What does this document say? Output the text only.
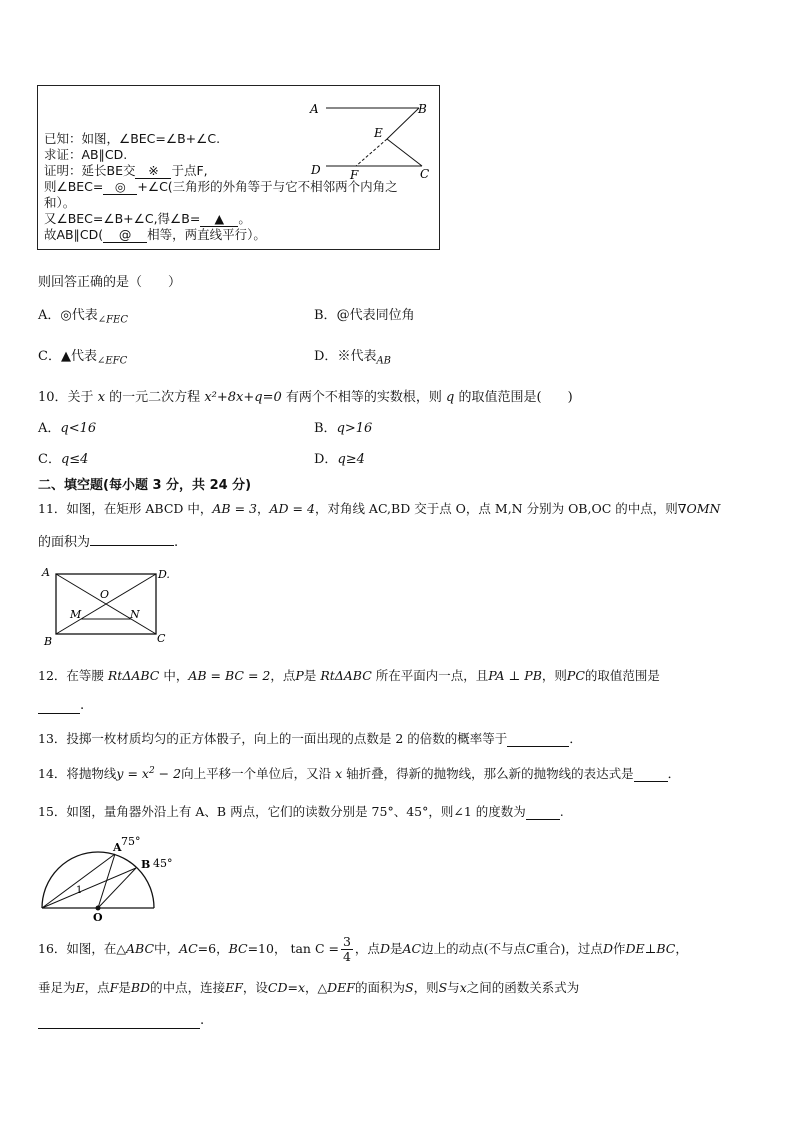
A	B
E
C
D F
已知：如图，∠BEC=∠B+∠C.
求证：AB∥CD.
证明：延长BE交 ※ 于点F,
则∠BEC= ◎ +∠C(三角形的外角等于与它不相邻两个内角之
和）。
又∠BEC=∠B+∠C,得∠B= ▲ 。
故AB∥CD( @ 相等，两直线平行）。
则回答正确的是（　　）
A．◎代表$_{\angle FEC}$	B．@代表同位角
C．▲代表$_{\angle EFC}$	D．※代表$_{AB}$
10．关于 x 的一元二次方程 x²+8x+q=0 有两个不相等的实数根，则 q 的取值范围是(　　)
A．q<16	B．q>16
C．q≤4	D．q≥4
二、填空题(每小题 3 分，共 24 分)
11．如图，在矩形 ABCD 中，AB = 3，AD = 4，对角线 AC,BD 交于点 O，点 M,N 分别为 OB,OC 的中点，则∇OMN
的面积为	.
A	D.
O
M	N
B	C
12．在等腰 RtΔABC 中，AB = BC = 2，点P是 RtΔABC 所在平面内一点，且PA ⊥ PB，则PC的取值范围是
.
13．投掷一枚材质均匀的正方体骰子，向上的一面出现的点数是 2 的倍数的概率等于	．
14．将抛物线$y = x^2 - 2$向上平移一个单位后，又沿 x 轴折叠，得新的抛物线，那么新的抛物线的表达式是	．
15．如图，量角器外沿上有 A、B 两点，它们的读数分别是 75°、45°，则∠1 的度数为	.
A 75°
B 45°
1
O
16．如图，在△ABC中，AC=6，BC=10， $\tan C = \frac{3}{4}$ ，点D是AC边上的动点(不与点C重合)，过点D作DE⊥BC，
垂足为E，点F是BD的中点，连接EF，设CD=x，△DEF的面积为S，则S与x之间的函数关系式为
.
